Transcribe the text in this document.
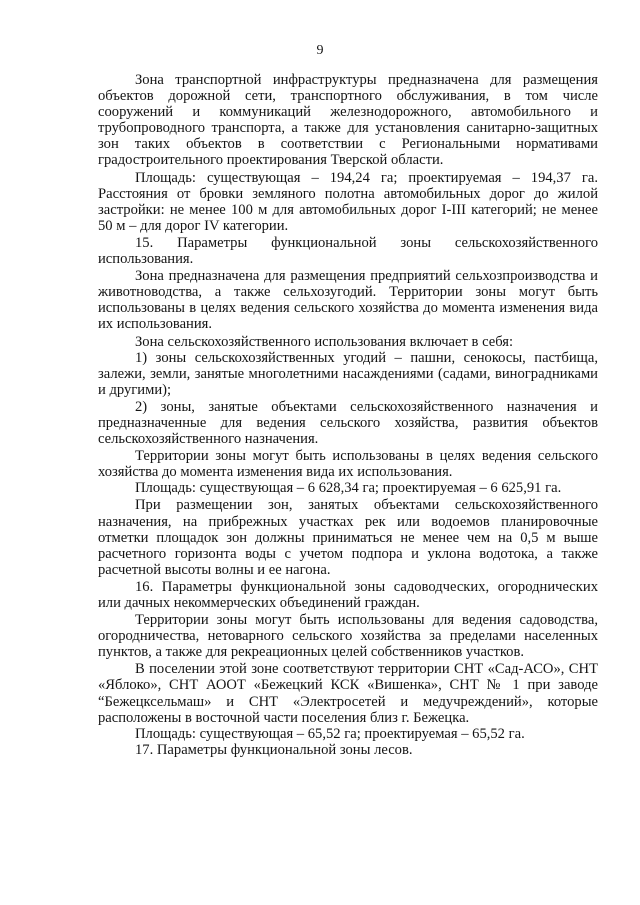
9

Зона транспортной инфраструктуры предназначена для размещения объектов дорожной сети, транспортного обслуживания, в том числе сооружений и коммуникаций железнодорожного, автомобильного и трубопроводного транспорта, а также для установления санитарно-защитных зон таких объектов в соответствии с Региональными нормативами градостроительного проектирования Тверской области.

Площадь: существующая – 194,24 га; проектируемая – 194,37 га. Расстояния от бровки земляного полотна автомобильных дорог до жилой застройки: не менее 100 м для автомобильных дорог I-III категорий; не менее 50 м – для дорог IV категории.

15. Параметры функциональной зоны сельскохозяйственного использования.

Зона предназначена для размещения предприятий сельхозпроизводства и животноводства, а также сельхозугодий. Территории зоны могут быть использованы в целях ведения сельского хозяйства до момента изменения вида их использования.

Зона сельскохозяйственного использования включает в себя:

1) зоны сельскохозяйственных угодий – пашни, сенокосы, пастбища, залежи, земли, занятые многолетними насаждениями (садами, виноградниками и другими);

2) зоны, занятые объектами сельскохозяйственного назначения и предназначенные для ведения сельского хозяйства, развития объектов сельскохозяйственного назначения.

Территории зоны могут быть использованы в целях ведения сельского хозяйства до момента изменения вида их использования.

Площадь: существующая – 6 628,34 га; проектируемая – 6 625,91 га.

При размещении зон, занятых объектами сельскохозяйственного назначения, на прибрежных участках рек или водоемов планировочные отметки площадок зон должны приниматься не менее чем на 0,5 м выше расчетного горизонта воды с учетом подпора и уклона водотока, а также расчетной высоты волны и ее нагона.

16. Параметры функциональной зоны садоводческих, огороднических или дачных некоммерческих объединений граждан.

Территории зоны могут быть использованы для ведения садоводства, огородничества, нетоварного сельского хозяйства за пределами населенных пунктов, а также для рекреационных целей собственников участков.

В поселении этой зоне соответствуют территории СНТ «Сад-АСО», СНТ «Яблоко», СНТ АООТ «Бежецкий КСК «Вишенка», СНТ № 1 при заводе “Бежецксельмаш» и СНТ «Электросетей и медучреждений», которые расположены в восточной части поселения близ г. Бежецка.

Площадь: существующая – 65,52 га; проектируемая – 65,52 га.

17. Параметры функциональной зоны лесов.
